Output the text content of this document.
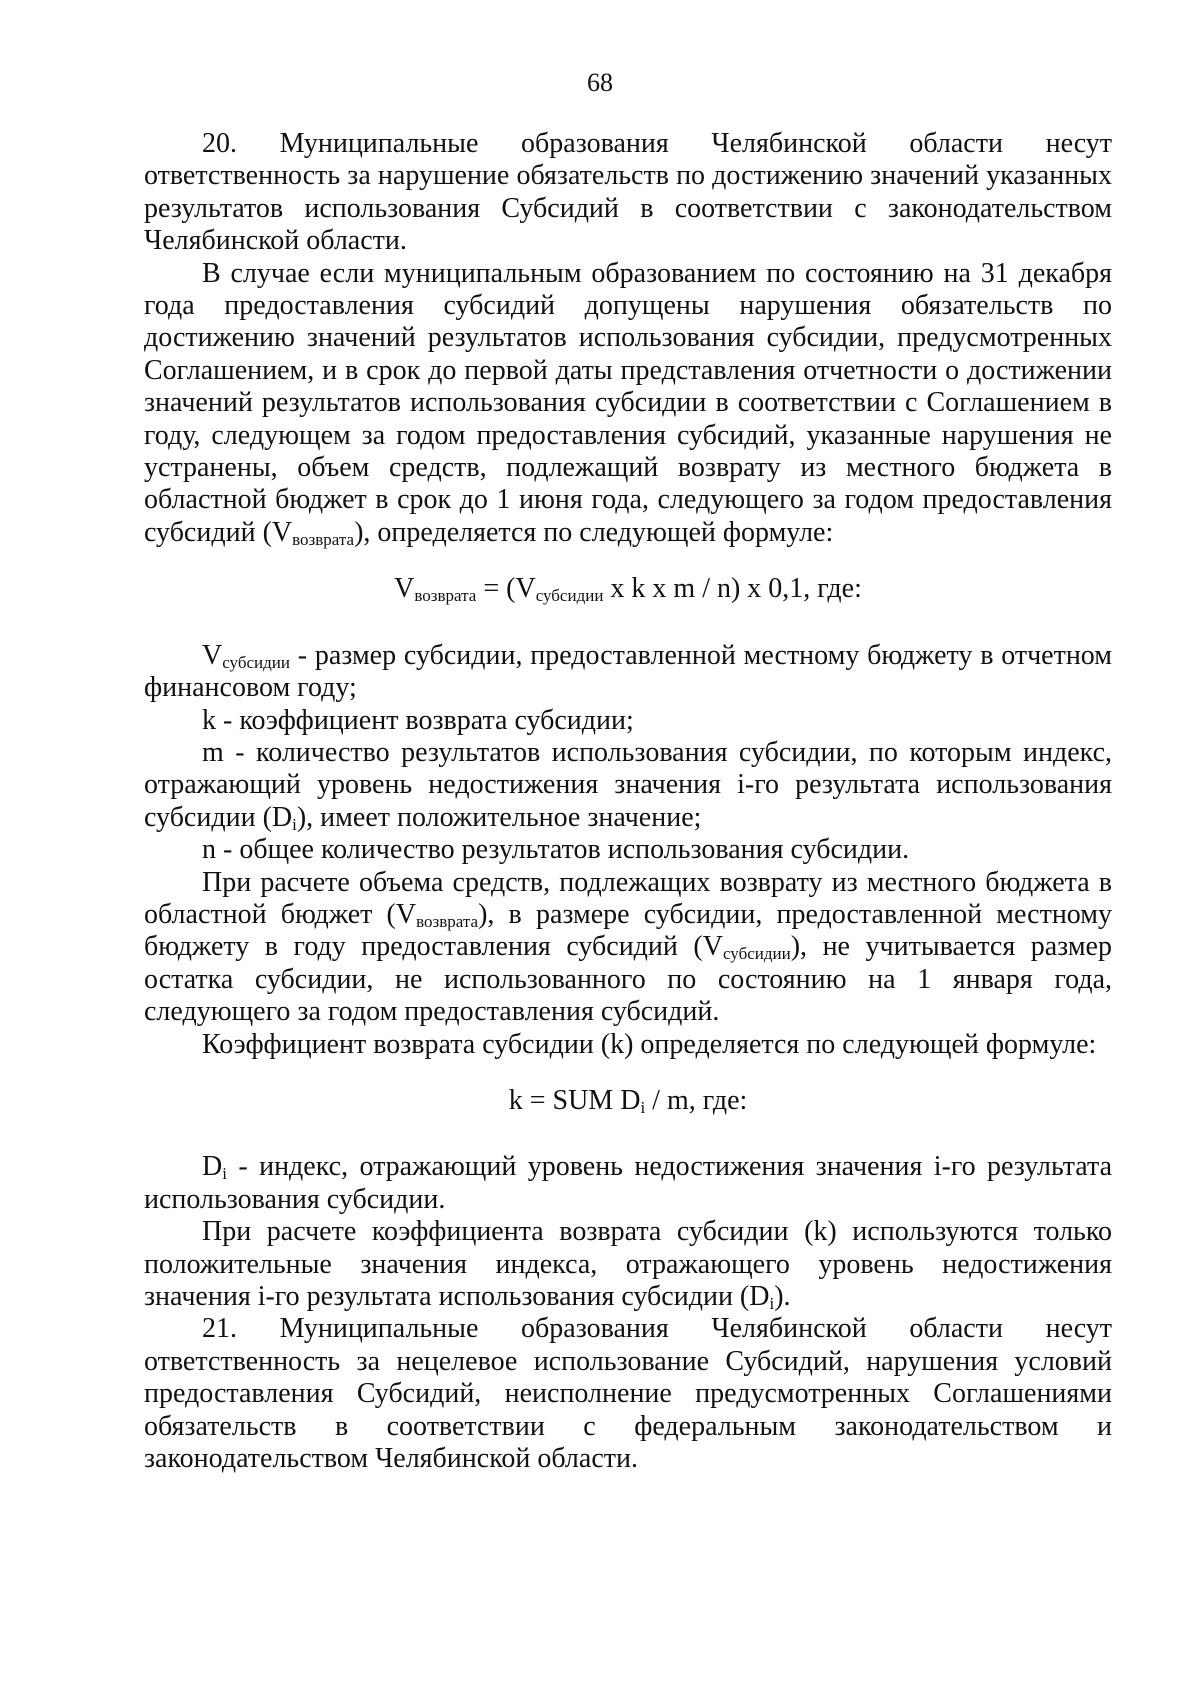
68

20. Муниципальные образования Челябинской области несут ответственность за нарушение обязательств по достижению значений указанных результатов использования Субсидий в соответствии с законодательством Челябинской области.

В случае если муниципальным образованием по состоянию на 31 декабря года предоставления субсидий допущены нарушения обязательств по достижению значений результатов использования субсидии, предусмотренных Соглашением, и в срок до первой даты представления отчетности о достижении значений результатов использования субсидии в соответствии с Соглашением в году, следующем за годом предоставления субсидий, указанные нарушения не устранены, объем средств, подлежащий возврату из местного бюджета в областной бюджет в срок до 1 июня года, следующего за годом предоставления субсидий $(V_{возврата})$, определяется по следующей формуле:

$V_{возврата} = (V_{субсидии}$ x k x m / n) x 0,1, где:

$V_{субсидии}$ - размер субсидии, предоставленной местному бюджету в отчетном финансовом году;

k - коэффициент возврата субсидии;

m - количество результатов использования субсидии, по которым индекс, отражающий уровень недостижения значения i-го результата использования субсидии $(D_i)$, имеет положительное значение;

n - общее количество результатов использования субсидии.

При расчете объема средств, подлежащих возврату из местного бюджета в областной бюджет $(V_{возврата})$, в размере субсидии, предоставленной местному бюджету в году предоставления субсидий $(V_{субсидии})$, не учитывается размер остатка субсидии, не использованного по состоянию на 1 января года, следующего за годом предоставления субсидий.

Коэффициент возврата субсидии (k) определяется по следующей формуле:

k = SUM $D_i$ / m, где:

$D_i$ - индекс, отражающий уровень недостижения значения i-го результата использования субсидии.

При расчете коэффициента возврата субсидии (k) используются только положительные значения индекса, отражающего уровень недостижения значения i-го результата использования субсидии $(D_i)$.

21. Муниципальные образования Челябинской области несут ответственность за нецелевое использование Субсидий, нарушения условий предоставления Субсидий, неисполнение предусмотренных Соглашениями обязательств в соответствии с федеральным законодательством и законодательством Челябинской области.
